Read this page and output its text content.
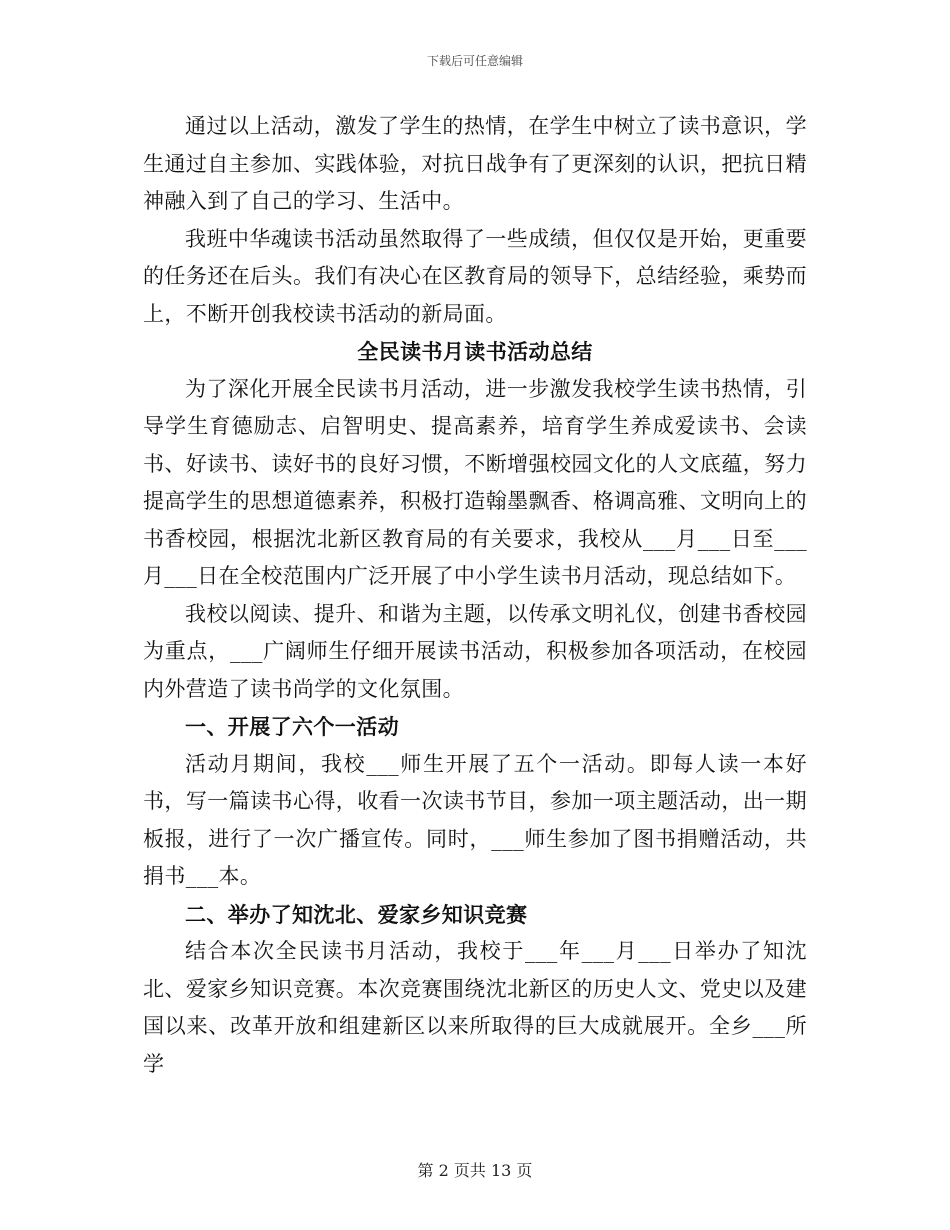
下载后可任意编辑

通过以上活动，激发了学生的热情，在学生中树立了读书意识，学生通过自主参加、实践体验，对抗日战争有了更深刻的认识，把抗日精神融入到了自己的学习、生活中。

我班中华魂读书活动虽然取得了一些成绩，但仅仅是开始，更重要的任务还在后头。我们有决心在区教育局的领导下，总结经验，乘势而上，不断开创我校读书活动的新局面。

全民读书月读书活动总结

为了深化开展全民读书月活动，进一步激发我校学生读书热情，引导学生育德励志、启智明史、提高素养，培育学生养成爱读书、会读书、好读书、读好书的良好习惯，不断增强校园文化的人文底蕴，努力提高学生的思想道德素养，积极打造翰墨飘香、格调高雅、文明向上的书香校园，根据沈北新区教育局的有关要求，我校从___月___日至___月___日在全校范围内广泛开展了中小学生读书月活动，现总结如下。

我校以阅读、提升、和谐为主题，以传承文明礼仪，创建书香校园为重点，___广阔师生仔细开展读书活动，积极参加各项活动，在校园内外营造了读书尚学的文化氛围。

一、开展了六个一活动

活动月期间，我校___师生开展了五个一活动。即每人读一本好书，写一篇读书心得，收看一次读书节目，参加一项主题活动，出一期板报，进行了一次广播宣传。同时，___师生参加了图书捐赠活动，共捐书___本。

二、举办了知沈北、爱家乡知识竞赛

结合本次全民读书月活动，我校于___年___月___日举办了知沈北、爱家乡知识竞赛。本次竞赛围绕沈北新区的历史人文、党史以及建国以来、改革开放和组建新区以来所取得的巨大成就展开。全乡___所学

第 2 页共 13 页
